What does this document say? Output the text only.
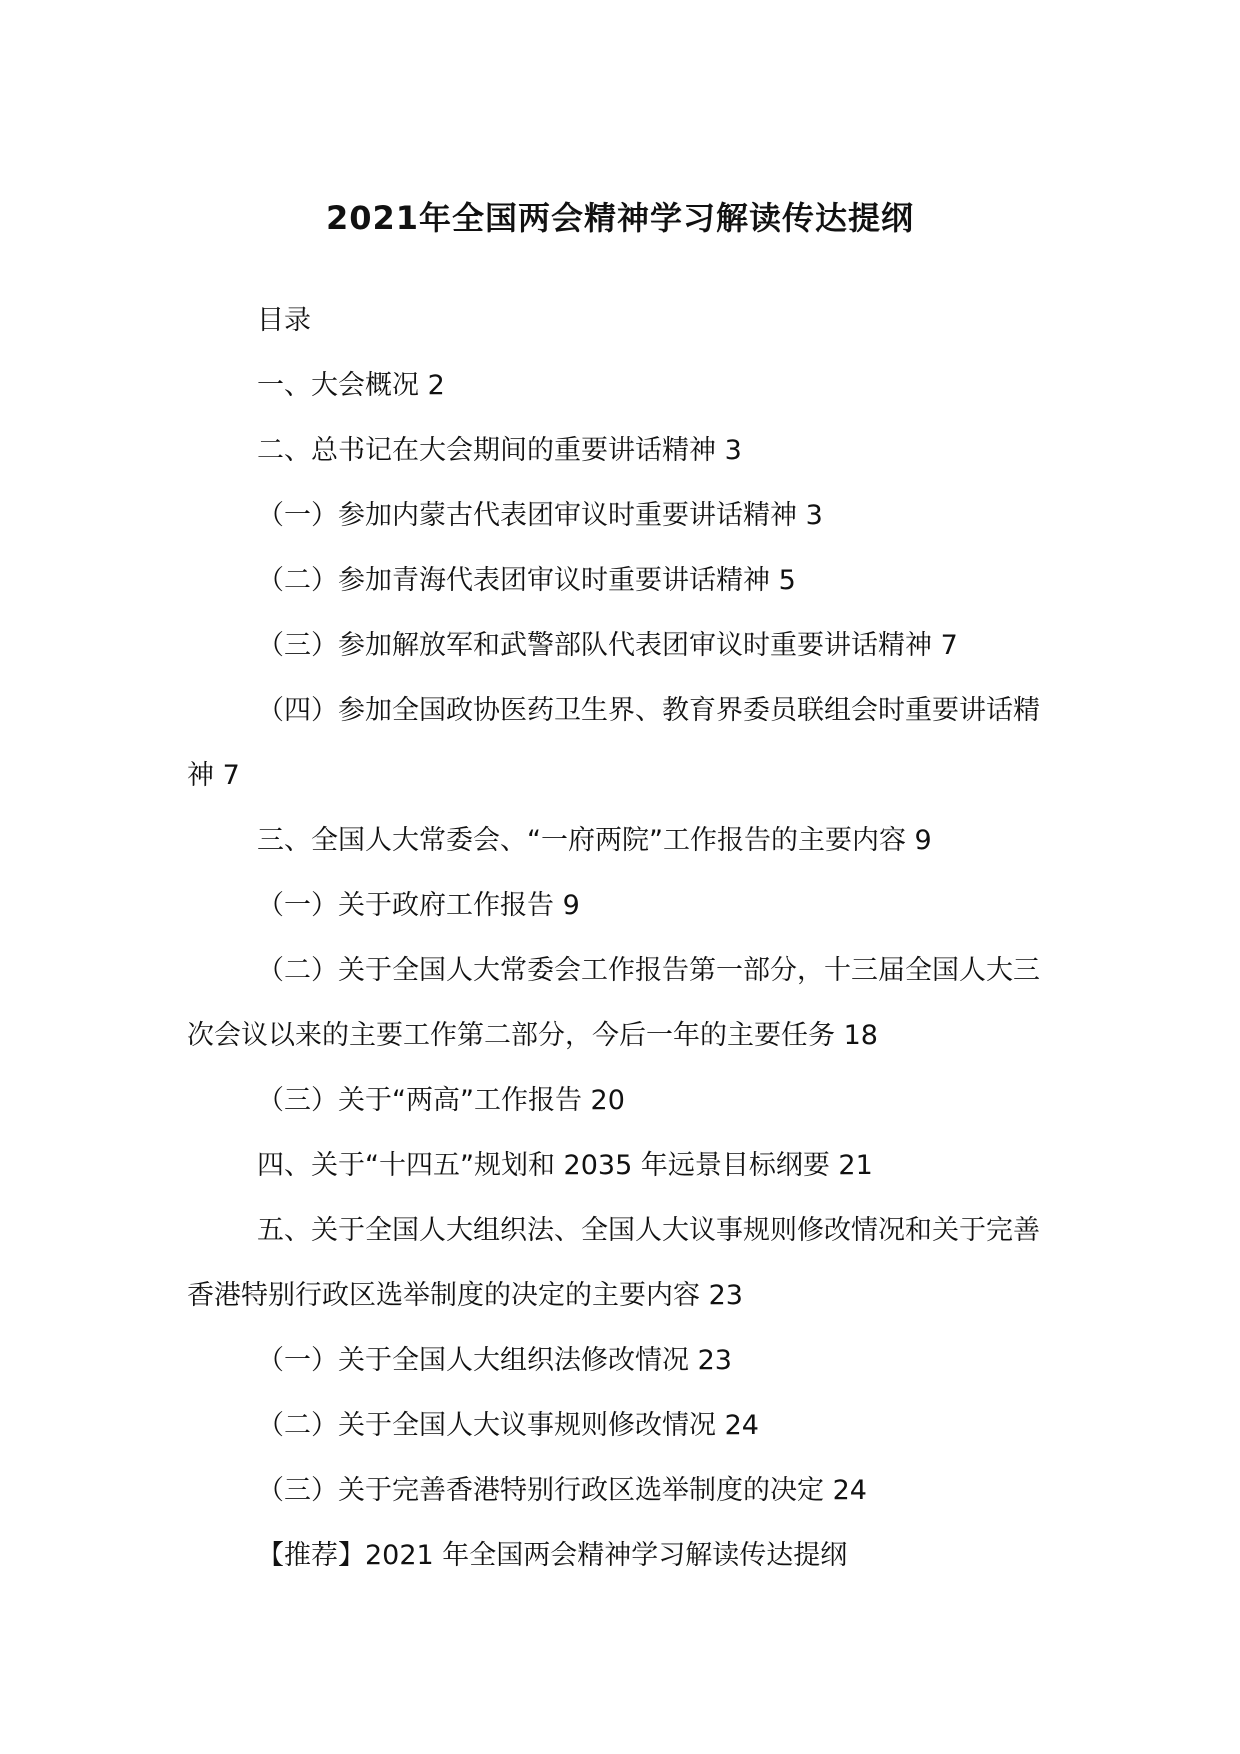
2021年全国两会精神学习解读传达提纲

目录

一、大会概况 2

二、总书记在大会期间的重要讲话精神 3

（一）参加内蒙古代表团审议时重要讲话精神 3

（二）参加青海代表团审议时重要讲话精神 5

（三）参加解放军和武警部队代表团审议时重要讲话精神 7

（四）参加全国政协医药卫生界、教育界委员联组会时重要讲话精神 7

三、全国人大常委会、“一府两院”工作报告的主要内容 9

（一）关于政府工作报告 9

（二）关于全国人大常委会工作报告第一部分，十三届全国人大三次会议以来的主要工作第二部分，今后一年的主要任务 18

（三）关于“两高”工作报告 20

四、关于“十四五”规划和 2035 年远景目标纲要 21

五、关于全国人大组织法、全国人大议事规则修改情况和关于完善香港特别行政区选举制度的决定的主要内容 23

（一）关于全国人大组织法修改情况 23

（二）关于全国人大议事规则修改情况 24

（三）关于完善香港特别行政区选举制度的决定 24

【推荐】2021 年全国两会精神学习解读传达提纲
